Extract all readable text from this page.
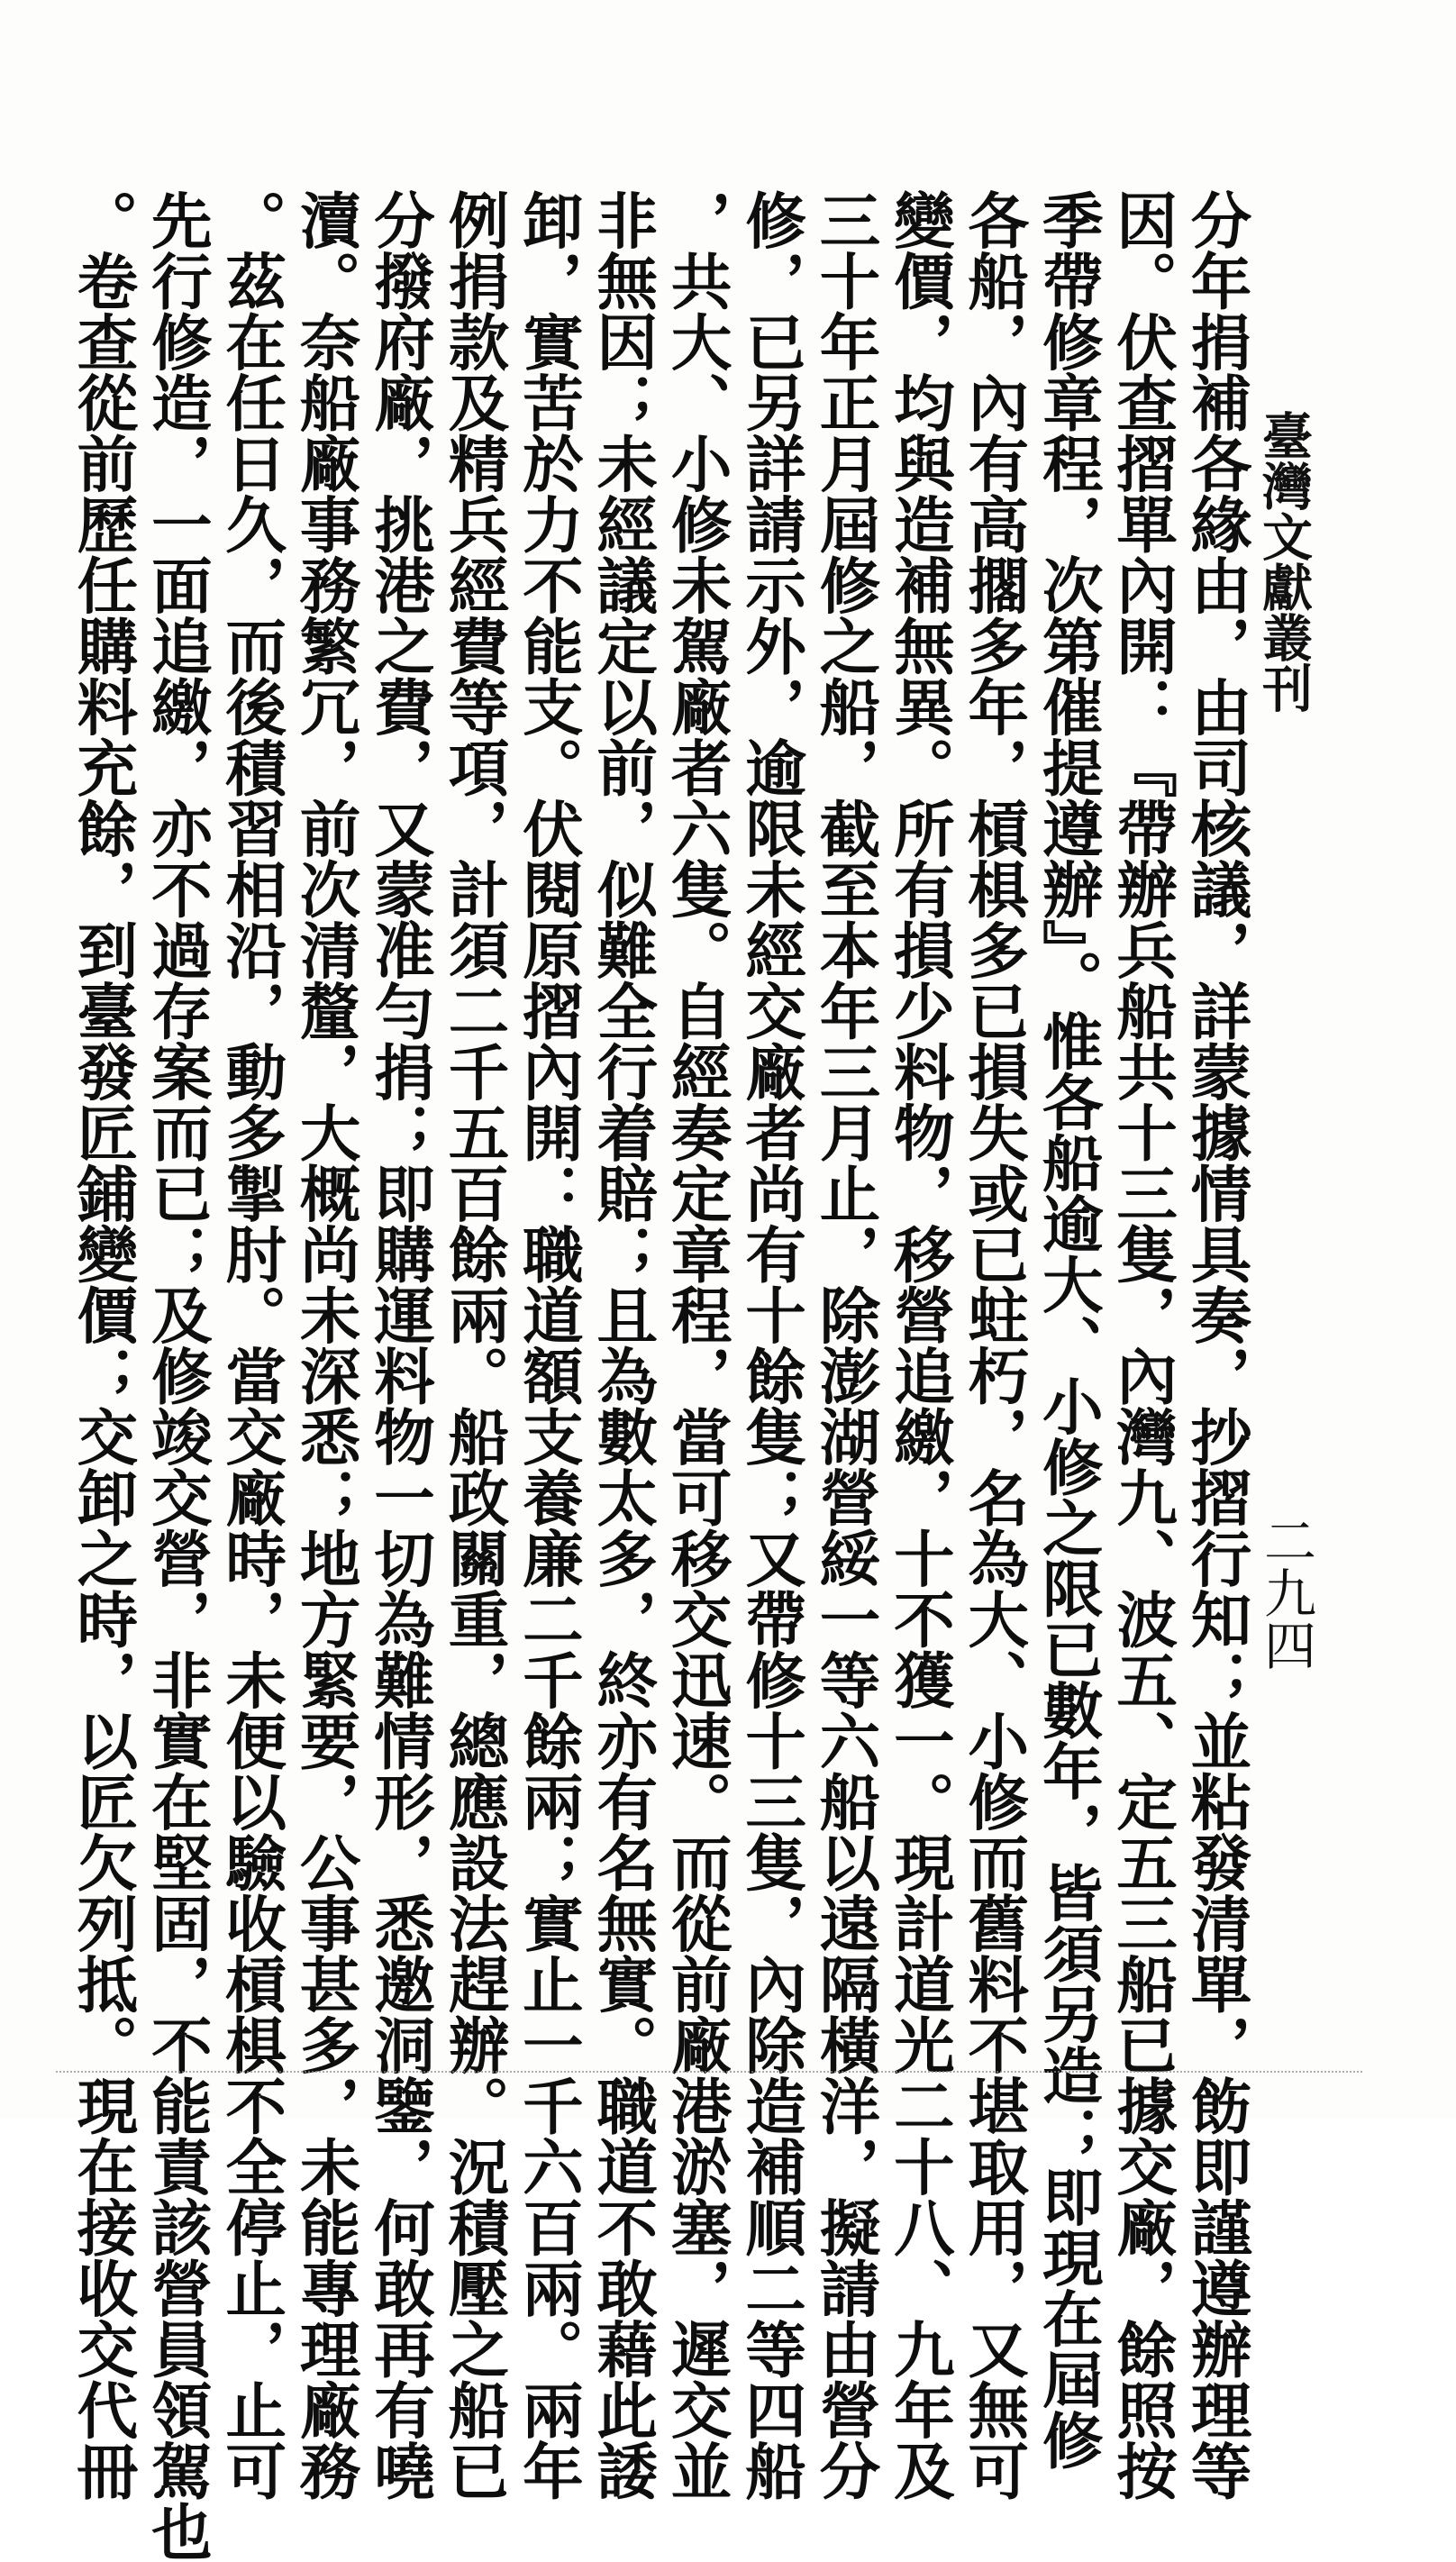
臺灣文獻叢刊
二九四
分年捐補各緣由，由司核議，詳蒙據情具奏，抄摺行知；並粘發清單，飭即謹遵辦理等
因。伏查摺單內開：『帶辦兵船共十三隻，內灣九、波五、定五三船已據交廠，餘照按
季帶修章程，次第催提遵辦』。惟各船逾大、小修之限已數年，皆須另造；即現在屆修
各船，內有高擱多年，槓椇多已損失或已蛀朽，名為大、小修而舊料不堪取用，又無可
變價，均與造補無異。所有損少料物，移營追繳，十不獲一。現計道光二十八、九年及
三十年正月屆修之船，截至本年三月止，除澎湖營綏一等六船以遠隔橫洋，擬請由營分
修，已另詳請示外，逾限未經交廠者尚有十餘隻；又帶修十三隻，內除造補順二等四船
，共大、小修未駕廠者六隻。自經奏定章程，當可移交迅速。而從前廠港淤塞，遲交並
非無因；未經議定以前，似難全行着賠；且為數太多，終亦有名無實。職道不敢藉此諉
卸，實苦於力不能支。伏閱原摺內開：職道額支養廉二千餘兩；實止一千六百兩。兩年
例捐款及精兵經費等項，計須二千五百餘兩。船政關重，總應設法趕辦。況積壓之船已
分撥府廠，挑港之費，又蒙准勻捐；即購運料物一切為難情形，悉邀洞鑒，何敢再有嘵
瀆。奈船廠事務繁冗，前次清釐，大概尚未深悉；地方緊要，公事甚多，未能專理廠務
。茲在任日久，而後積習相沿，動多掣肘。當交廠時，未便以驗收槓椇不全停止，止可
先行修造，一面追繳，亦不過存案而已；及修竣交營，非實在堅固，不能責該營員領駕也
。卷查從前歷任購料充餘，到臺發匠鋪變價；交卸之時，以匠欠列抵。現在接收交代冊
